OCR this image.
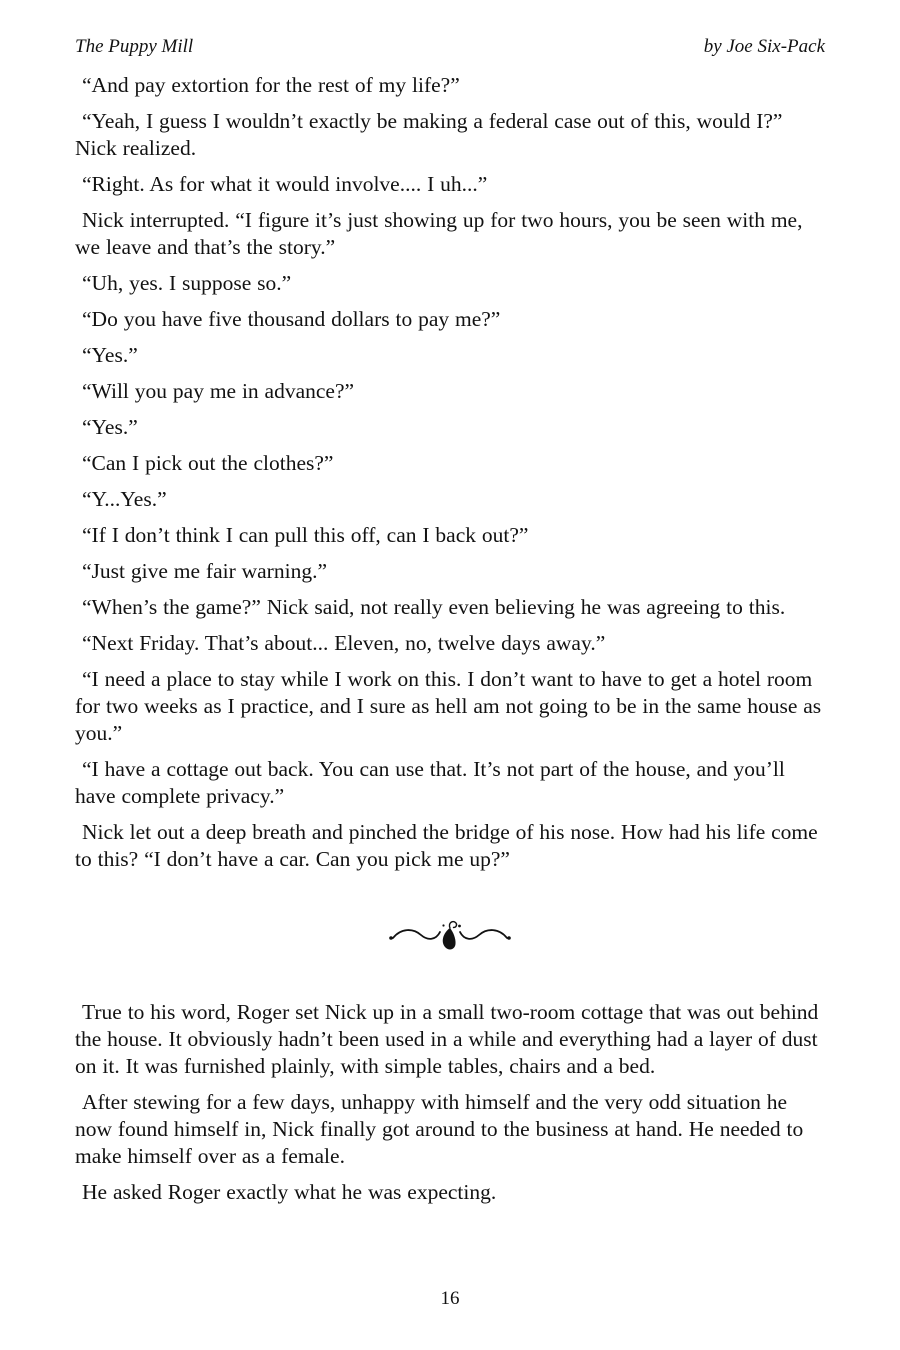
The Puppy Mill	by Joe Six-Pack

“And pay extortion for the rest of my life?”

“Yeah, I guess I wouldn’t exactly be making a federal case out of this, would I?” Nick realized.

“Right. As for what it would involve.... I uh...”

Nick interrupted. “I figure it’s just showing up for two hours, you be seen with me, we leave and that’s the story.”

“Uh, yes. I suppose so.”

“Do you have five thousand dollars to pay me?”

“Yes.”

“Will you pay me in advance?”

“Yes.”

“Can I pick out the clothes?”

“Y...Yes.”

“If I don’t think I can pull this off, can I back out?”

“Just give me fair warning.”

“When’s the game?” Nick said, not really even believing he was agreeing to this.

“Next Friday. That’s about... Eleven, no, twelve days away.”

“I need a place to stay while I work on this. I don’t want to have to get a hotel room for two weeks as I practice, and I sure as hell am not going to be in the same house as you.”

“I have a cottage out back. You can use that. It’s not part of the house, and you’ll have complete privacy.”

Nick let out a deep breath and pinched the bridge of his nose. How had his life come to this? “I don’t have a car. Can you pick me up?”

True to his word, Roger set Nick up in a small two-room cottage that was out behind the house. It obviously hadn’t been used in a while and everything had a layer of dust on it. It was furnished plainly, with simple tables, chairs and a bed.

After stewing for a few days, unhappy with himself and the very odd situation he now found himself in, Nick finally got around to the business at hand. He needed to make himself over as a female.

He asked Roger exactly what he was expecting.

16
